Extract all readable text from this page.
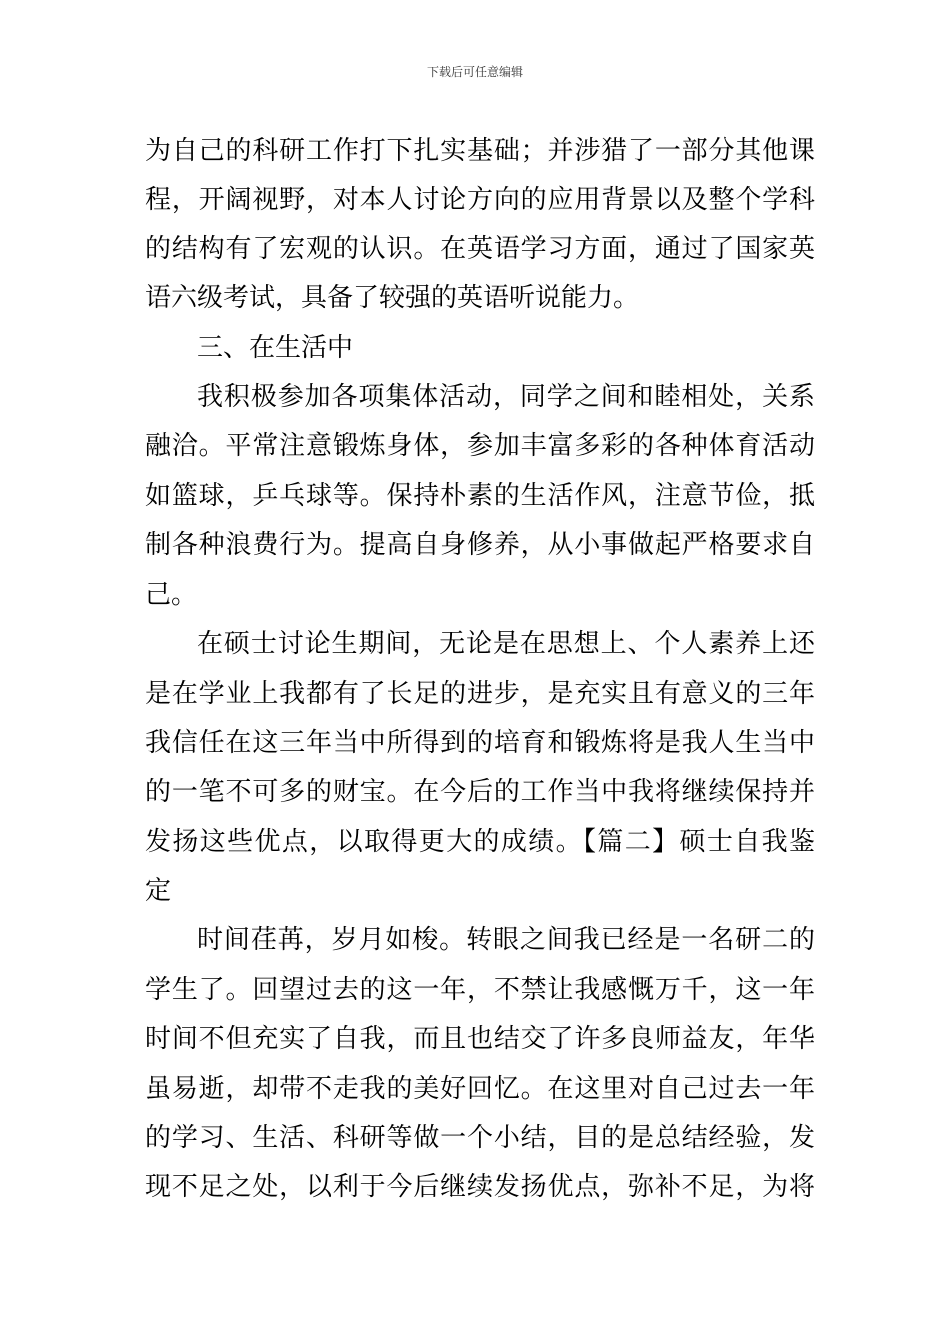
下载后可任意编辑
为自己的科研工作打下扎实基础；并涉猎了一部分其他课
程，开阔视野，对本人讨论方向的应用背景以及整个学科
的结构有了宏观的认识。在英语学习方面，通过了国家英
语六级考试，具备了较强的英语听说能力。
三、在生活中
我积极参加各项集体活动，同学之间和睦相处，关系
融洽。平常注意锻炼身体，参加丰富多彩的各种体育活动
如篮球，乒乓球等。保持朴素的生活作风，注意节俭，抵
制各种浪费行为。提高自身修养，从小事做起严格要求自
己。
在硕士讨论生期间，无论是在思想上、个人素养上还
是在学业上我都有了长足的进步，是充实且有意义的三年
我信任在这三年当中所得到的培育和锻炼将是我人生当中
的一笔不可多的财宝。在今后的工作当中我将继续保持并
发扬这些优点，以取得更大的成绩。【篇二】硕士自我鉴
定
时间荏苒，岁月如梭。转眼之间我已经是一名研二的
学生了。回望过去的这一年，不禁让我感慨万千，这一年
时间不但充实了自我，而且也结交了许多良师益友，年华
虽易逝，却带不走我的美好回忆。在这里对自己过去一年
的学习、生活、科研等做一个小结，目的是总结经验，发
现不足之处，以利于今后继续发扬优点，弥补不足，为将
